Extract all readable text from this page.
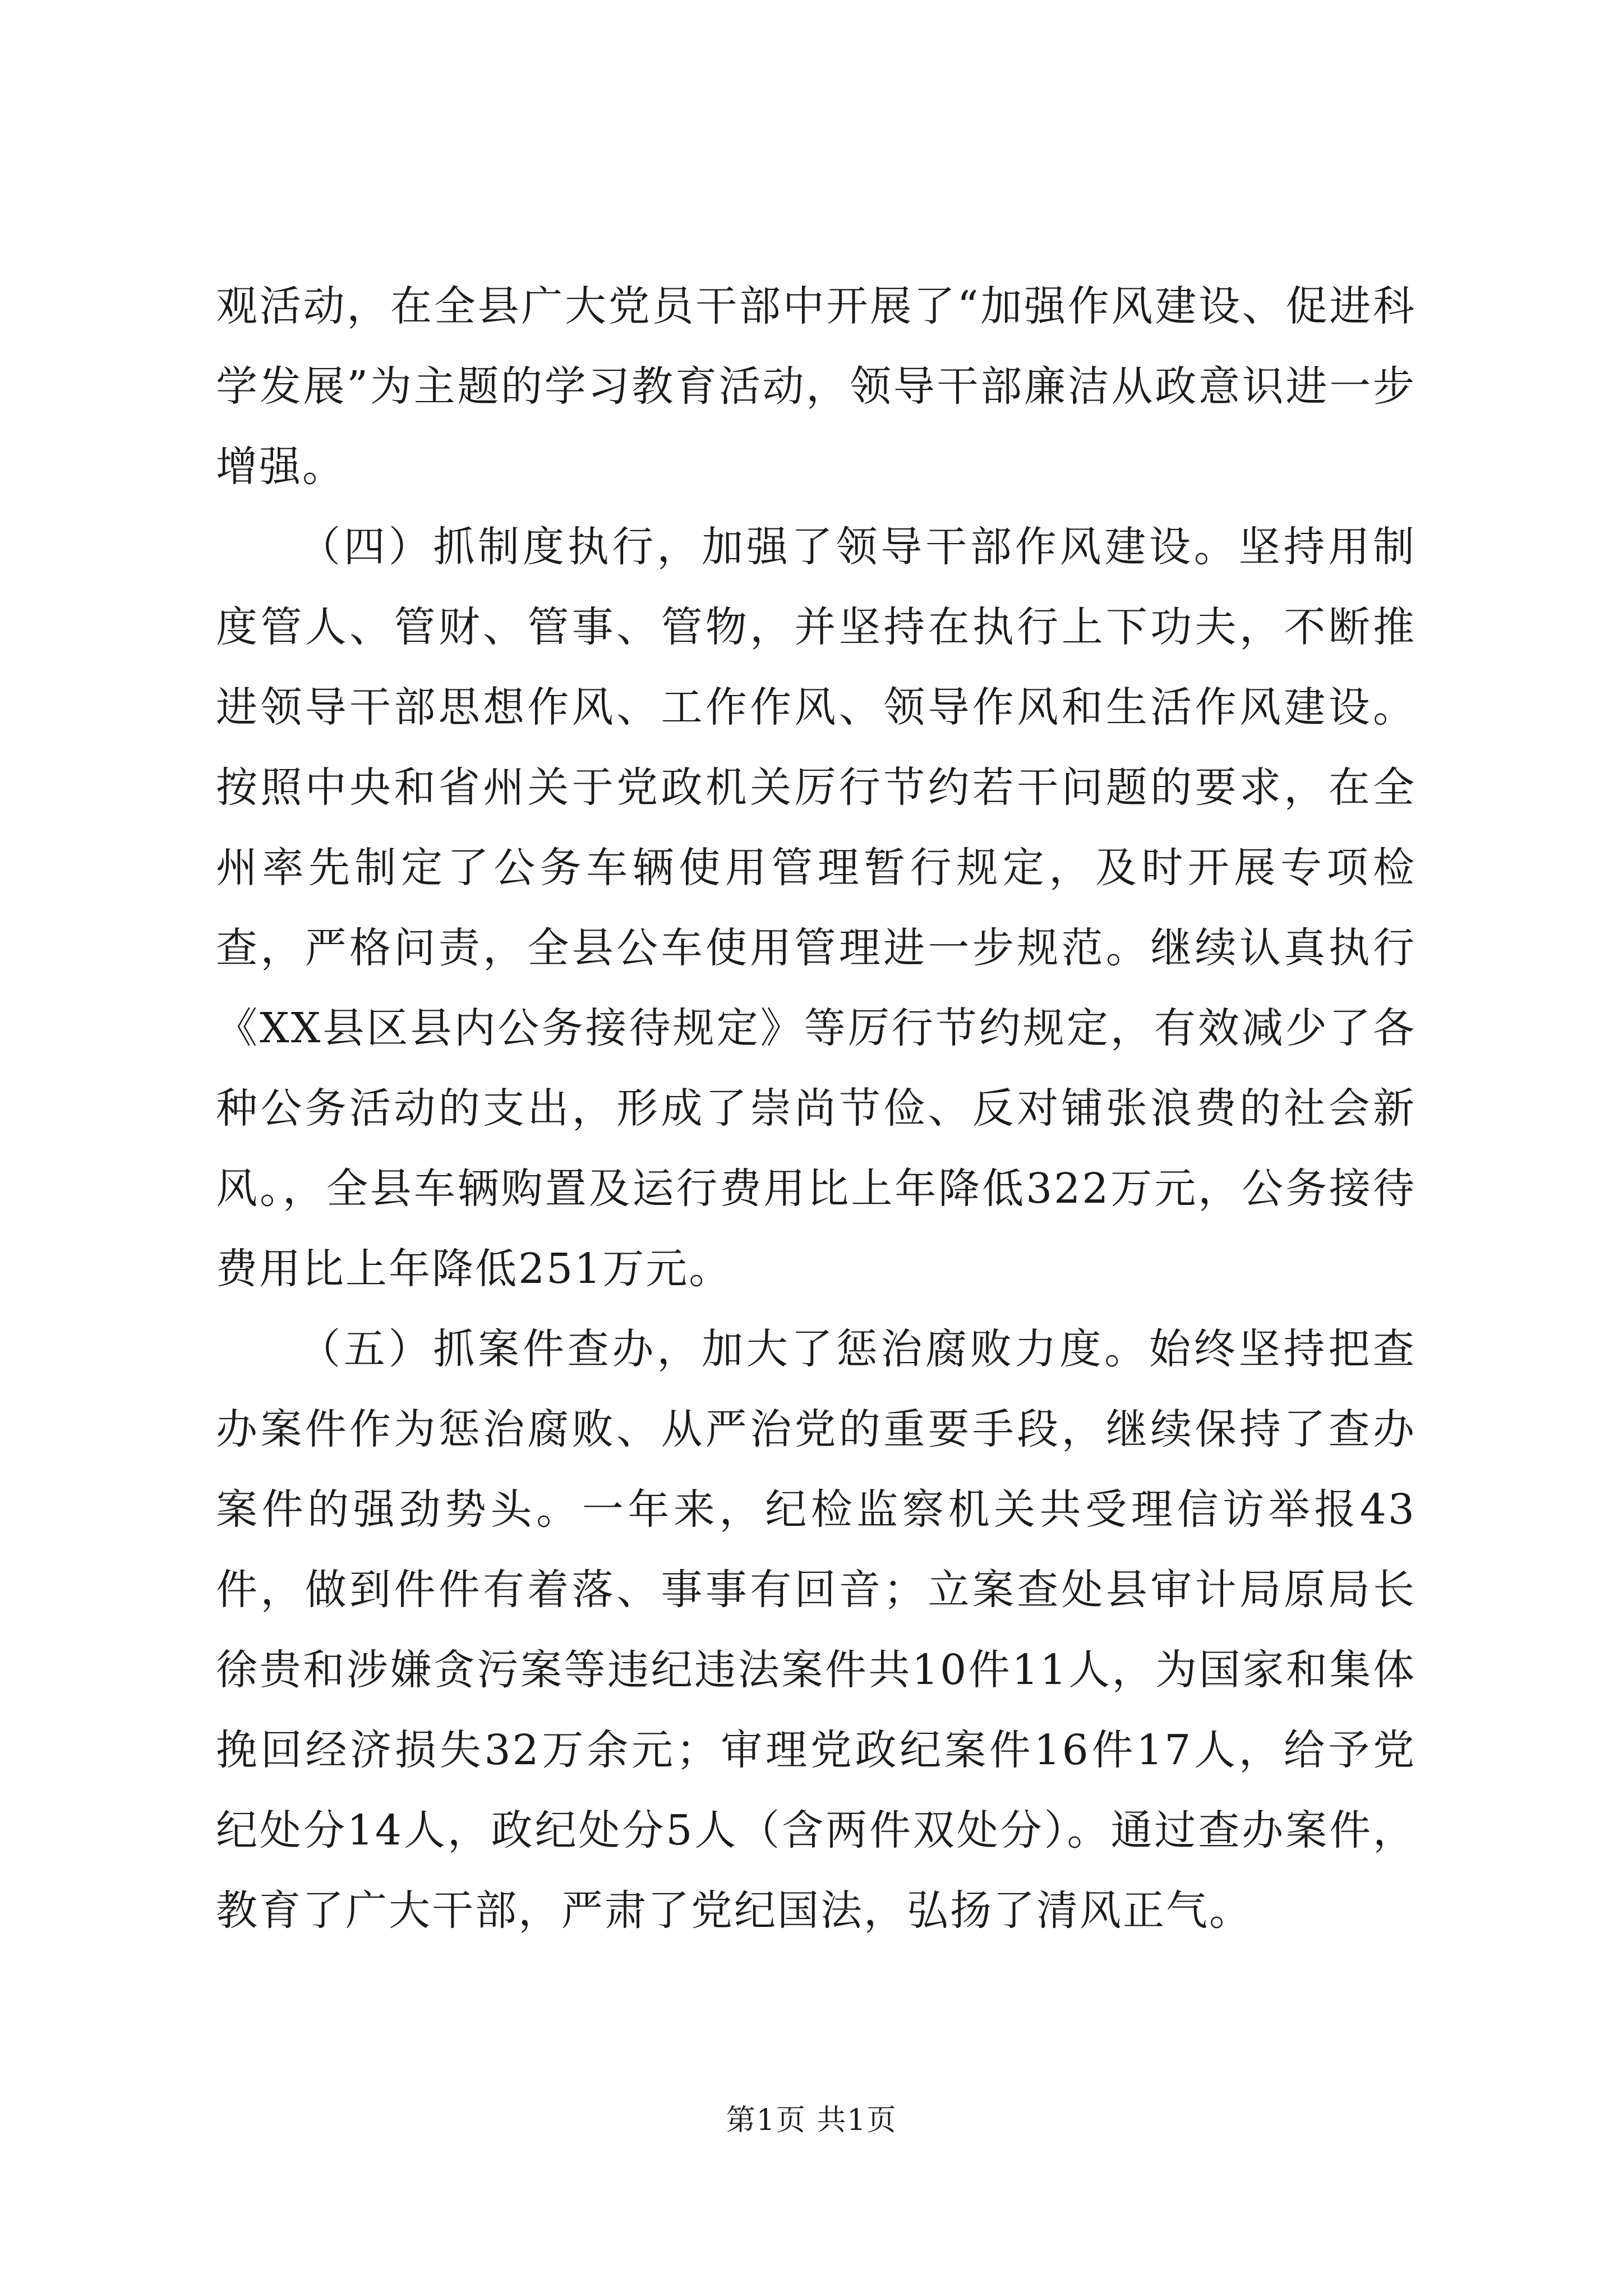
观活动，在全县广大党员干部中开展了“加强作风建设、促进科学发展”为主题的学习教育活动，领导干部廉洁从政意识进一步增强。

（四）抓制度执行，加强了领导干部作风建设。坚持用制度管人、管财、管事、管物，并坚持在执行上下功夫，不断推进领导干部思想作风、工作作风、领导作风和生活作风建设。按照中央和省州关于党政机关厉行节约若干问题的要求，在全州率先制定了公务车辆使用管理暂行规定，及时开展专项检查，严格问责，全县公车使用管理进一步规范。继续认真执行《XX县区县内公务接待规定》等厉行节约规定，有效减少了各种公务活动的支出，形成了崇尚节俭、反对铺张浪费的社会新风。，全县车辆购置及运行费用比上年降低322万元，公务接待费用比上年降低251万元。

（五）抓案件查办，加大了惩治腐败力度。始终坚持把查办案件作为惩治腐败、从严治党的重要手段，继续保持了查办案件的强劲势头。一年来，纪检监察机关共受理信访举报43件，做到件件有着落、事事有回音；立案查处县审计局原局长徐贵和涉嫌贪污案等违纪违法案件共10件11人，为国家和集体挽回经济损失32万余元；审理党政纪案件16件17人，给予党纪处分14人，政纪处分5人（含两件双处分）。通过查办案件，教育了广大干部，严肃了党纪国法，弘扬了清风正气。

第1页 共1页
